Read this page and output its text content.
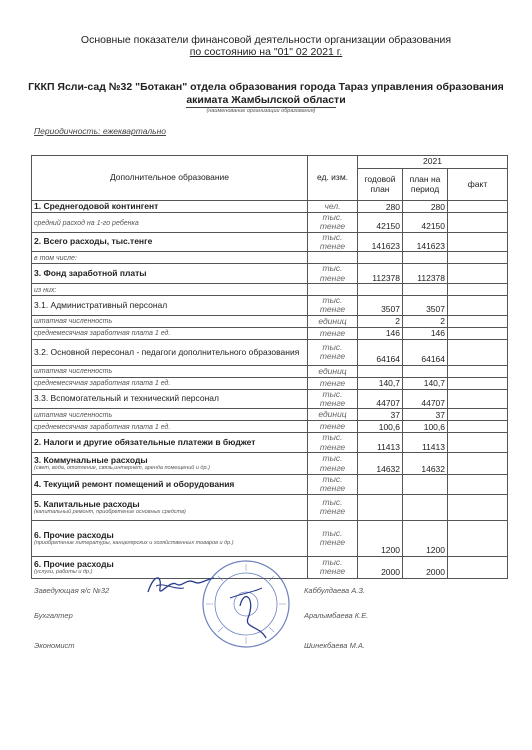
Основные показатели финансовой деятельности организации образования
по состоянию на "01" 02 2021 г.
ГККП Ясли-сад №32 "Ботакан" отдела образования города Тараз управления образования
акимата Жамбылской области
(наименование организации образования)
Периодичность: ежеквартально
Дополнительное образование	ед. изм.	2021		
		годовой план	план на период	факт
1. Среднегодовой контингент	чел.	280	280	
средний расход на 1-го ребенка	тыс. тенге	42150	42150	
2. Всего расходы, тыс.тенге	тыс. тенге	141623	141623	
в том числе:				
3. Фонд заработной платы	тыс. тенге	112378	112378	
из них:				
3.1. Административный персонал	тыс. тенге	3507	3507	
штатная численность	единиц	2	2	
среднемесячная заработная плата 1 ед.	тенге	146	146	
3.2. Основной пересонал - педагоги дополнительного образования	тыс. тенге	64164	64164	
штатная численность	единиц			
среднемесячная заработная плата 1 ед.	тенге	140,7	140,7	
3.3. Вспомогательный и технический персонал	тыс. тенге	44707	44707	
штатная численность	единиц	37	37	
среднемесячная заработная плата 1 ед.	тенге	100,6	100,6	
2. Налоги и другие обязательные платежи в бюджет	тыс. тенге	11413	11413	
3. Коммунальные расходы
(свет, вода, отопление, связь,интернет, аренда помещений и др.)	тыс. тенге	14632	14632	
4. Текущий ремонт помещений и оборудования	тыс. тенге			
5. Капитальные расходы
(капитальный ремонт, приобретение основных средств)	тыс. тенге			
6. Прочие расходы
(приобретение литературы, канцелярских и хозяйственных товаров и др.)	тыс. тенге	1200	1200	
6. Прочие расходы
(услуги, работы и др.)	тыс. тенге	2000	2000	
Заведующая я/с №32	Каббулдаева А.З.
Бухгалтер	Аралымбаева К.Е.
Экономист	Шинекбаева М.А.
